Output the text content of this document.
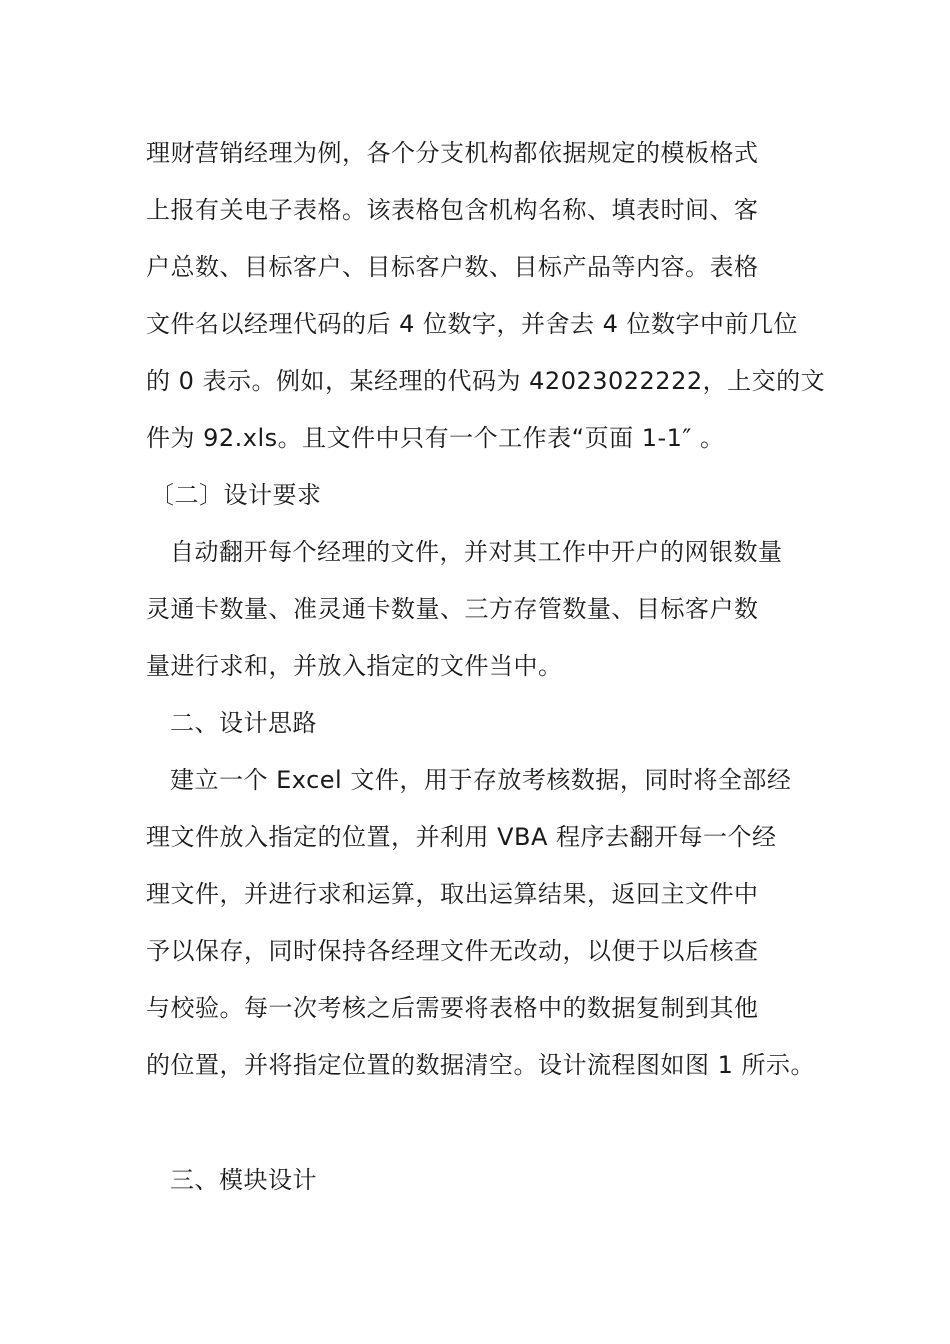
理财营销经理为例，各个分支机构都依据规定的模板格式
上报有关电子表格。该表格包含机构名称、填表时间、客
户总数、目标客户、目标客户数、目标产品等内容。表格
文件名以经理代码的后 4 位数字，并舍去 4 位数字中前几位
的 0 表示。例如，某经理的代码为 42023022222，上交的文
件为 92.xls。且文件中只有一个工作表“页面 1-1″ 。
〔二〕设计要求
自动翻开每个经理的文件，并对其工作中开户的网银数量
灵通卡数量、准灵通卡数量、三方存管数量、目标客户数
量进行求和，并放入指定的文件当中。
二、设计思路
建立一个 Excel 文件，用于存放考核数据，同时将全部经
理文件放入指定的位置，并利用 VBA 程序去翻开每一个经
理文件，并进行求和运算，取出运算结果，返回主文件中
予以保存，同时保持各经理文件无改动，以便于以后核查
与校验。每一次考核之后需要将表格中的数据复制到其他
的位置，并将指定位置的数据清空。设计流程图如图 1 所示。
三、模块设计
